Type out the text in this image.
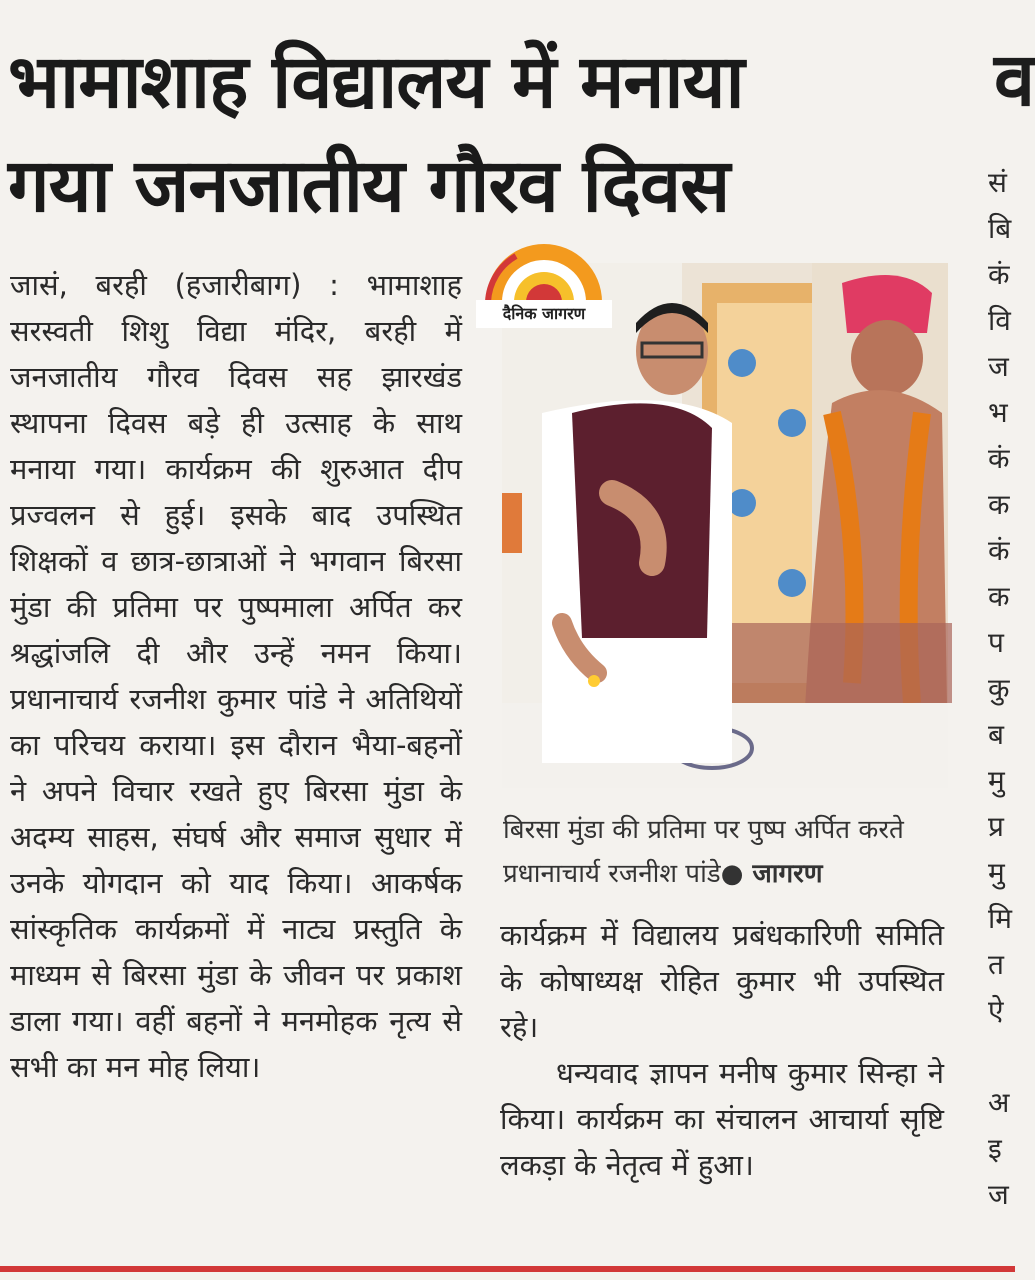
भामाशाह विद्यालय में मनाया
गया जनजातीय गौरव दिवस
व

जासं, बरही (हजारीबाग) : भामाशाह सरस्वती शिशु विद्या मंदिर, बरही में जनजातीय गौरव दिवस सह झारखंड स्थापना दिवस बड़े ही उत्साह के साथ मनाया गया। कार्यक्रम की शुरुआत दीप प्रज्वलन से हुई। इसके बाद उपस्थित शिक्षकों व छात्र-छात्राओं ने भगवान बिरसा मुंडा की प्रतिमा पर पुष्पमाला अर्पित कर श्रद्धांजलि दी और उन्हें नमन किया। प्रधानाचार्य रजनीश कुमार पांडे ने अतिथियों का परिचय कराया। इस दौरान भैया-बहनों ने अपने विचार रखते हुए बिरसा मुंडा के अदम्य साहस, संघर्ष और समाज सुधार में उनके योगदान को याद किया। आकर्षक सांस्कृतिक कार्यक्रमों में नाट्य प्रस्तुति के माध्यम से बिरसा मुंडा के जीवन पर प्रकाश डाला गया। वहीं बहनों ने मनमोहक नृत्य से सभी का मन मोह लिया।

दैनिक जागरण
बिरसा मुंडा की प्रतिमा पर पुष्प अर्पित करते
प्रधानाचार्य रजनीश पांडे● जागरण

कार्यक्रम में विद्यालय प्रबंधकारिणी समिति के कोषाध्यक्ष रोहित कुमार भी उपस्थित रहे।

धन्यवाद ज्ञापन मनीष कुमार सिन्हा ने किया। कार्यक्रम का संचालन आचार्या सृष्टि लकड़ा के नेतृत्व में हुआ।

सं
बि
कं
वि
ज
भ
कं
क
कं
क
प
कु
ब
मु
प्र
मु
मि
त
ऐ

अ
इ
ज
